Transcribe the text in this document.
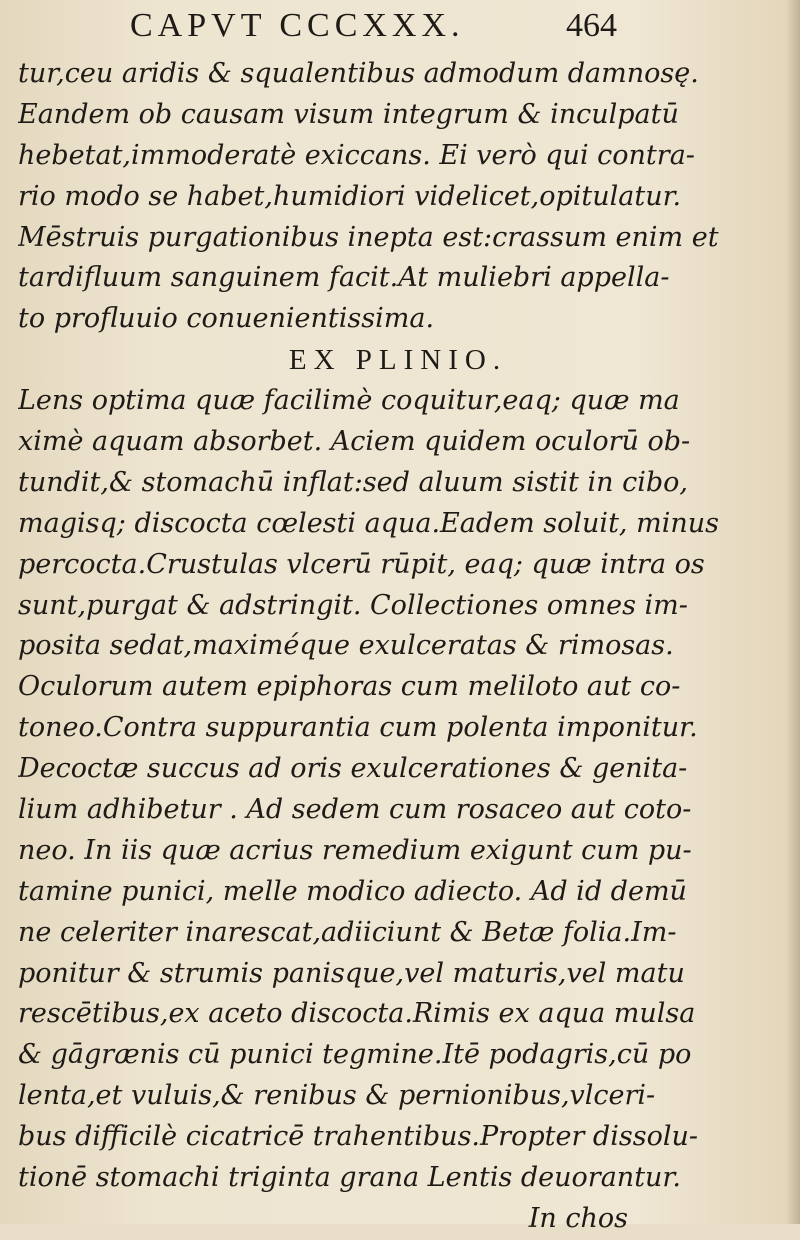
CAPVT CCCXXX.	464
tur,ceu aridis & squalentibus admodum damnosę.
Eandem ob causam visum integrum & inculpatū
hebetat,immoderatè exiccans. Ei verò qui contra-
rio modo se habet,humidiori videlicet,opitulatur.
Mēstruis purgationibus inepta est:crassum enim et
tardifluum sanguinem facit.At muliebri appella-
to profluuio conuenientissima.
EX PLINIO.
Lens optima quæ facilimè coquitur,eaq; quæ ma
ximè aquam absorbet. Aciem quidem oculorū ob-
tundit,& stomachū inflat:sed aluum sistit in cibo,
magisq; discocta cœlesti aqua.Eadem soluit, minus
percocta.Crustulas vlcerū rūpit, eaq; quæ intra os
sunt,purgat & adstringit. Collectiones omnes im-
posita sedat,maximéque exulceratas & rimosas.
Oculorum autem epiphoras cum meliloto aut co-
toneo.Contra suppurantia cum polenta imponitur.
Decoctæ succus ad oris exulcerationes & genita-
lium adhibetur . Ad sedem cum rosaceo aut coto-
neo. In iis quæ acrius remedium exigunt cum pu-
tamine punici, melle modico adiecto. Ad id demū
ne celeriter inarescat,adiiciunt & Betæ folia.Im-
ponitur & strumis panisque,vel maturis,vel matu
rescētibus,ex aceto discocta.Rimis ex aqua mulsa
& gāgrænis cū punici tegmine.Itē podagris,cū po
lenta,et vuluis,& renibus & pernionibus,vlceri-
bus difficilè cicatricē trahentibus.Propter dissolu-
tionē stomachi triginta grana Lentis deuorantur.
In chos
